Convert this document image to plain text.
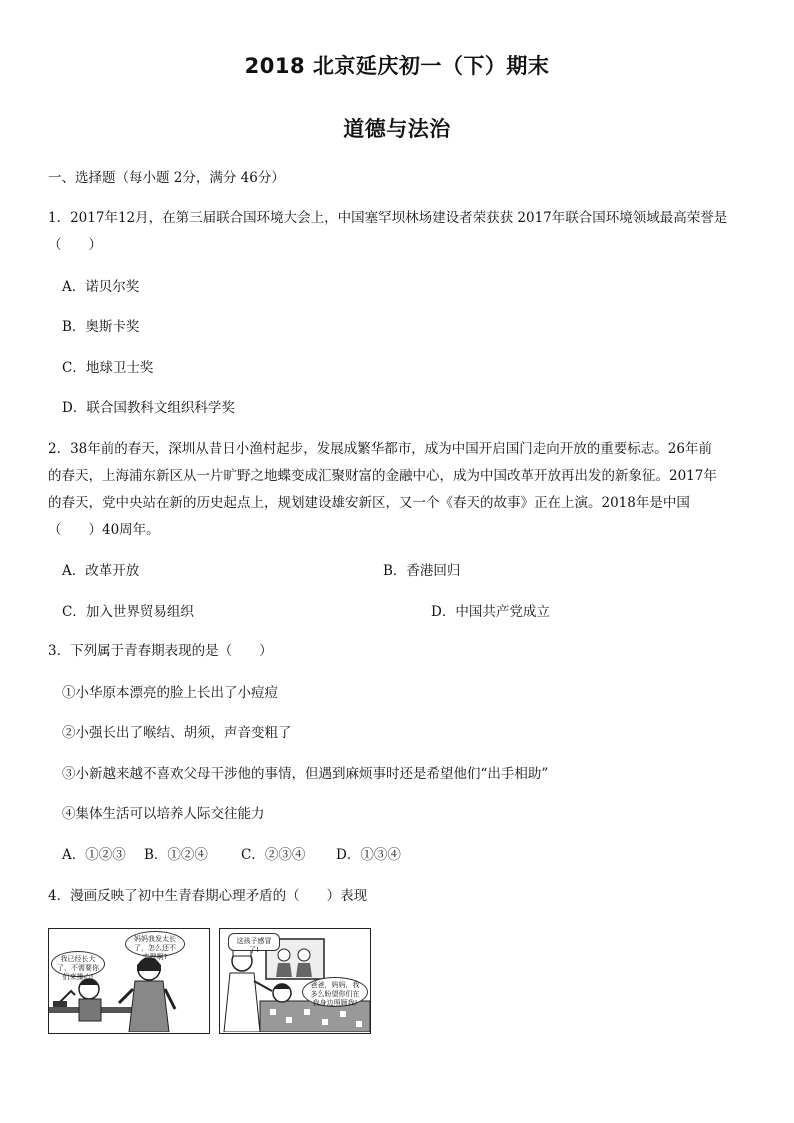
2018 北京延庆初一（下）期末
道德与法治
一、选择题（每小题 2分，满分 46分）
1．2017年12月，在第三届联合国环境大会上，中国塞罕坝林场建设者荣获获 2017年联合国环境领域最高荣誉是
（　　）
A．诺贝尔奖
B．奥斯卡奖
C．地球卫士奖
D．联合国教科文组织科学奖
2．38年前的春天，深圳从昔日小渔村起步，发展成繁华都市，成为中国开启国门走向开放的重要标志。26年前
的春天，上海浦东新区从一片旷野之地蝶变成汇聚财富的金融中心，成为中国改革开放再出发的新象征。2017年
的春天，党中央站在新的历史起点上，规划建设雄安新区，又一个《春天的故事》正在上演。2018年是中国
（　　）40周年。
A．改革开放	B．香港回归
C．加入世界贸易组织	D．中国共产党成立
3．下列属于青春期表现的是（　　）
①小华原本漂亮的脸上长出了小痘痘
②小强长出了喉结、胡须，声音变粗了
③小新越来越不喜欢父母干涉他的事情，但遇到麻烦事时还是希望他们“出手相助”
④集体生活可以培养人际交往能力
A．①②③ B．①②④ C．②③④ D．①③④
4．漫画反映了初中生青春期心理矛盾的（　　）表现
我已经长大了，不需要你们来操心!
妈妈我发太长了，怎么还不去理啊?
这孩子感冒了!
爸爸，妈妈，我多么盼望你们在我身边照顾我!
